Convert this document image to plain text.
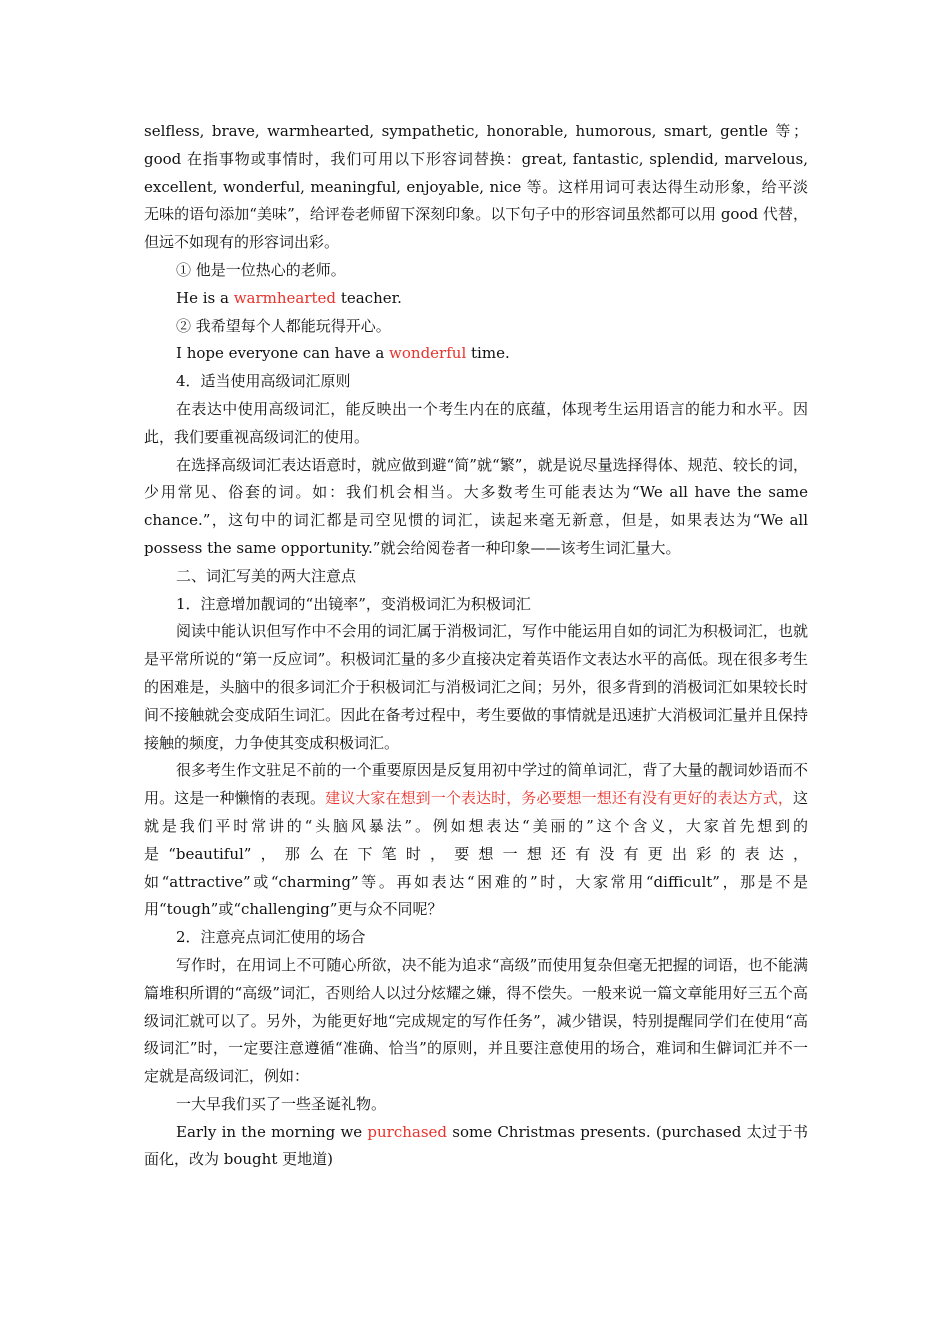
selfless, brave, warmhearted, sympathetic, honorable, humorous, smart, gentle 等；good 在指事物或事情时，我们可用以下形容词替换：great, fantastic, splendid, marvelous, excellent, wonderful, meaningful, enjoyable, nice 等。这样用词可表达得生动形象，给平淡无味的语句添加“美味”，给评卷老师留下深刻印象。以下句子中的形容词虽然都可以用 good 代替，但远不如现有的形容词出彩。

① 他是一位热心的老师。

He is a warmhearted teacher.

② 我希望每个人都能玩得开心。

I hope everyone can have a wonderful time.

4．适当使用高级词汇原则

在表达中使用高级词汇，能反映出一个考生内在的底蕴，体现考生运用语言的能力和水平。因此，我们要重视高级词汇的使用。

在选择高级词汇表达语意时，就应做到避“简”就“繁”，就是说尽量选择得体、规范、较长的词，少用常见、俗套的词。如：我们机会相当。大多数考生可能表达为“We all have the same chance.”，这句中的词汇都是司空见惯的词汇，读起来毫无新意，但是，如果表达为“We all possess the same opportunity.”就会给阅卷者一种印象——该考生词汇量大。

二、词汇写美的两大注意点

1．注意增加靓词的“出镜率”，变消极词汇为积极词汇

阅读中能认识但写作中不会用的词汇属于消极词汇，写作中能运用自如的词汇为积极词汇，也就是平常所说的“第一反应词”。积极词汇量的多少直接决定着英语作文表达水平的高低。现在很多考生的困难是，头脑中的很多词汇介于积极词汇与消极词汇之间；另外，很多背到的消极词汇如果较长时间不接触就会变成陌生词汇。因此在备考过程中，考生要做的事情就是迅速扩大消极词汇量并且保持接触的频度，力争使其变成积极词汇。

很多考生作文驻足不前的一个重要原因是反复用初中学过的简单词汇，背了大量的靓词妙语而不用。这是一种懒惰的表现。建议大家在想到一个表达时，务必要想一想还有没有更好的表达方式，这就是我们平时常讲的“头脑风暴法”。例如想表达“美丽的”这个含义，大家首先想到的是“beautiful”，那么在下笔时，要想一想还有没有更出彩的表达，如“attractive”或“charming”等。再如表达“困难的”时，大家常用“difficult”，那是不是用“tough”或“challenging”更与众不同呢？

2．注意亮点词汇使用的场合

写作时，在用词上不可随心所欲，决不能为追求“高级”而使用复杂但毫无把握的词语，也不能满篇堆积所谓的“高级”词汇，否则给人以过分炫耀之嫌，得不偿失。一般来说一篇文章能用好三五个高级词汇就可以了。另外，为能更好地“完成规定的写作任务”，减少错误，特别提醒同学们在使用“高级词汇”时，一定要注意遵循“准确、恰当”的原则，并且要注意使用的场合，难词和生僻词汇并不一定就是高级词汇，例如：

一大早我们买了一些圣诞礼物。

Early in the morning we purchased some Christmas presents. (purchased 太过于书面化，改为 bought 更地道)
